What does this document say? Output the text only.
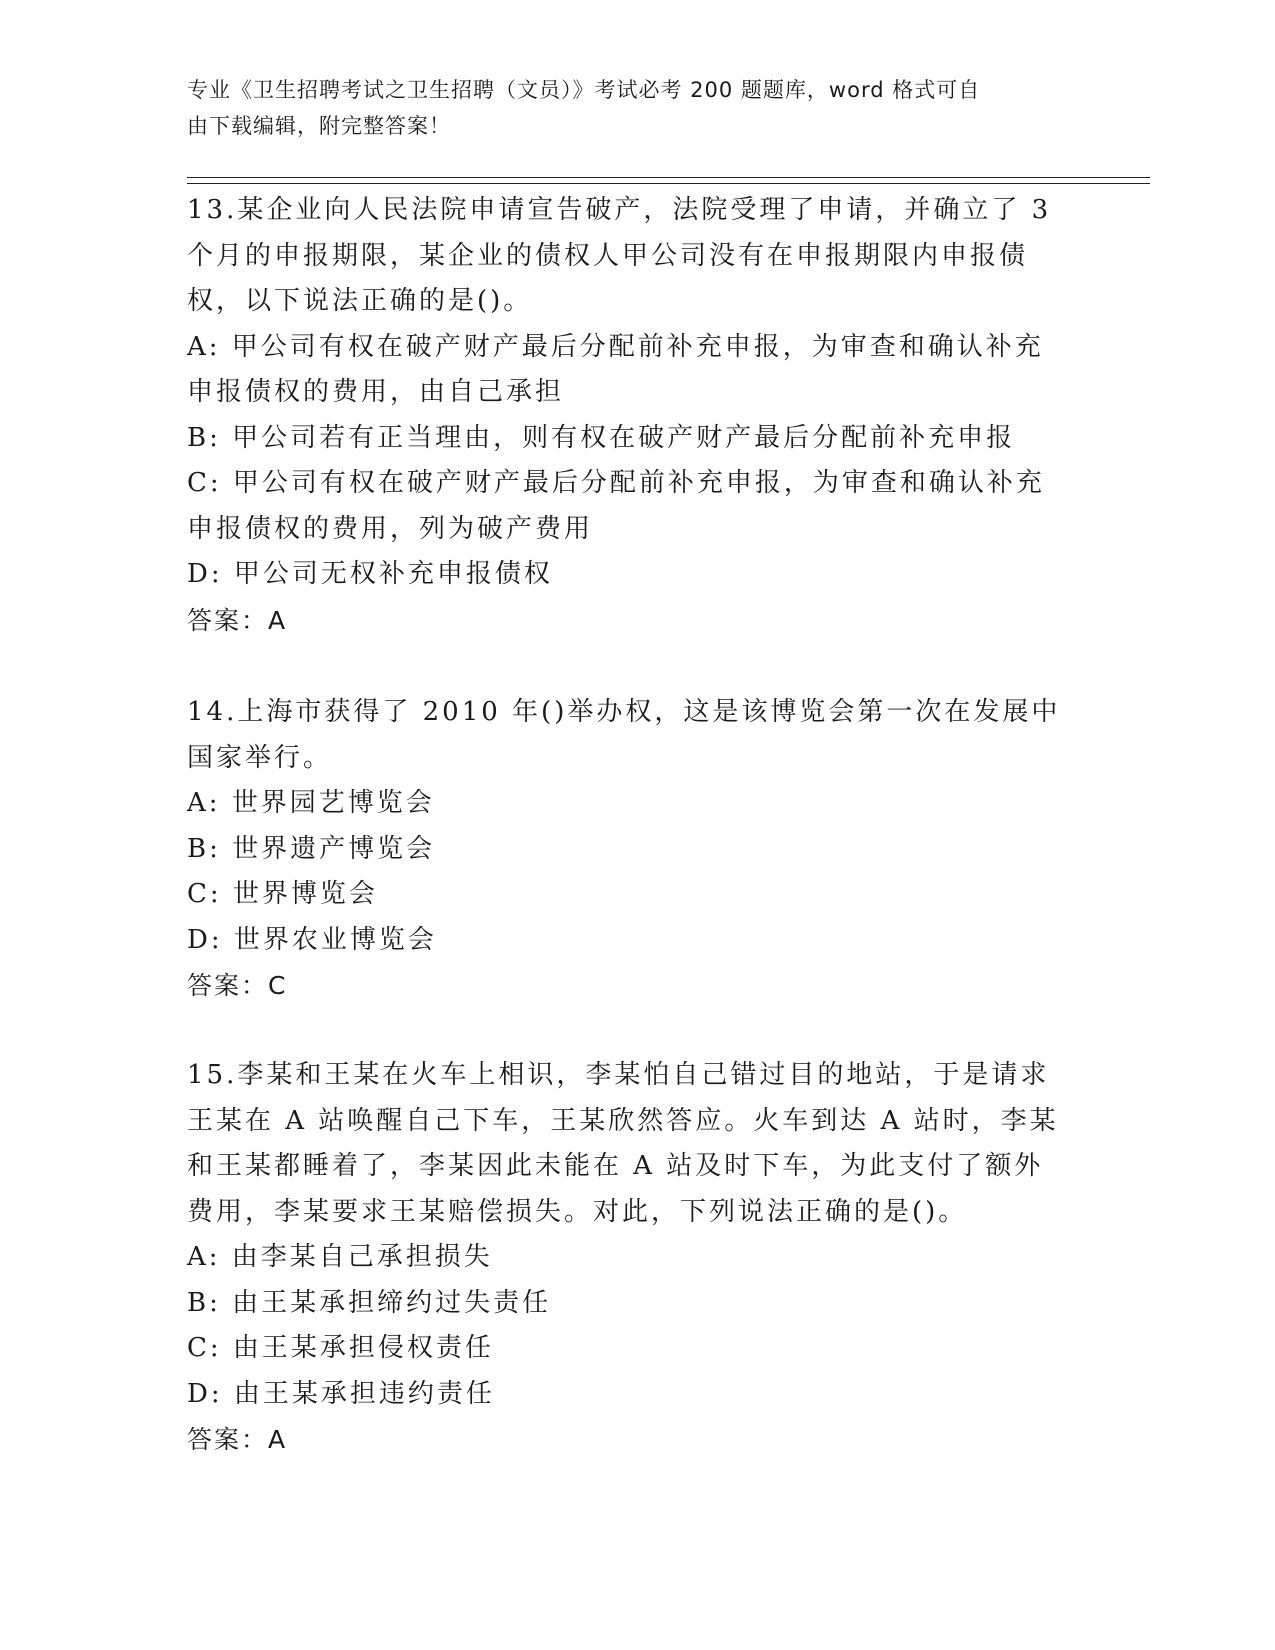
专业《卫生招聘考试之卫生招聘（文员）》考试必考 200 题题库，word 格式可自
由下载编辑，附完整答案！

13.某企业向人民法院申请宣告破产，法院受理了申请，并确立了 3 个月的申报期限，某企业的债权人甲公司没有在申报期限内申报债权，以下说法正确的是()。

A: 甲公司有权在破产财产最后分配前补充申报，为审查和确认补充申报债权的费用，由自己承担

B: 甲公司若有正当理由，则有权在破产财产最后分配前补充申报

C: 甲公司有权在破产财产最后分配前补充申报，为审查和确认补充申报债权的费用，列为破产费用

D: 甲公司无权补充申报债权

答案：A

14.上海市获得了 2010 年()举办权，这是该博览会第一次在发展中国家举行。

A: 世界园艺博览会

B: 世界遗产博览会

C: 世界博览会

D: 世界农业博览会

答案：C

15.李某和王某在火车上相识，李某怕自己错过目的地站，于是请求王某在 A 站唤醒自己下车，王某欣然答应。火车到达 A 站时，李某和王某都睡着了，李某因此未能在 A 站及时下车，为此支付了额外费用，李某要求王某赔偿损失。对此，下列说法正确的是()。

A: 由李某自己承担损失

B: 由王某承担缔约过失责任

C: 由王某承担侵权责任

D: 由王某承担违约责任

答案：A
